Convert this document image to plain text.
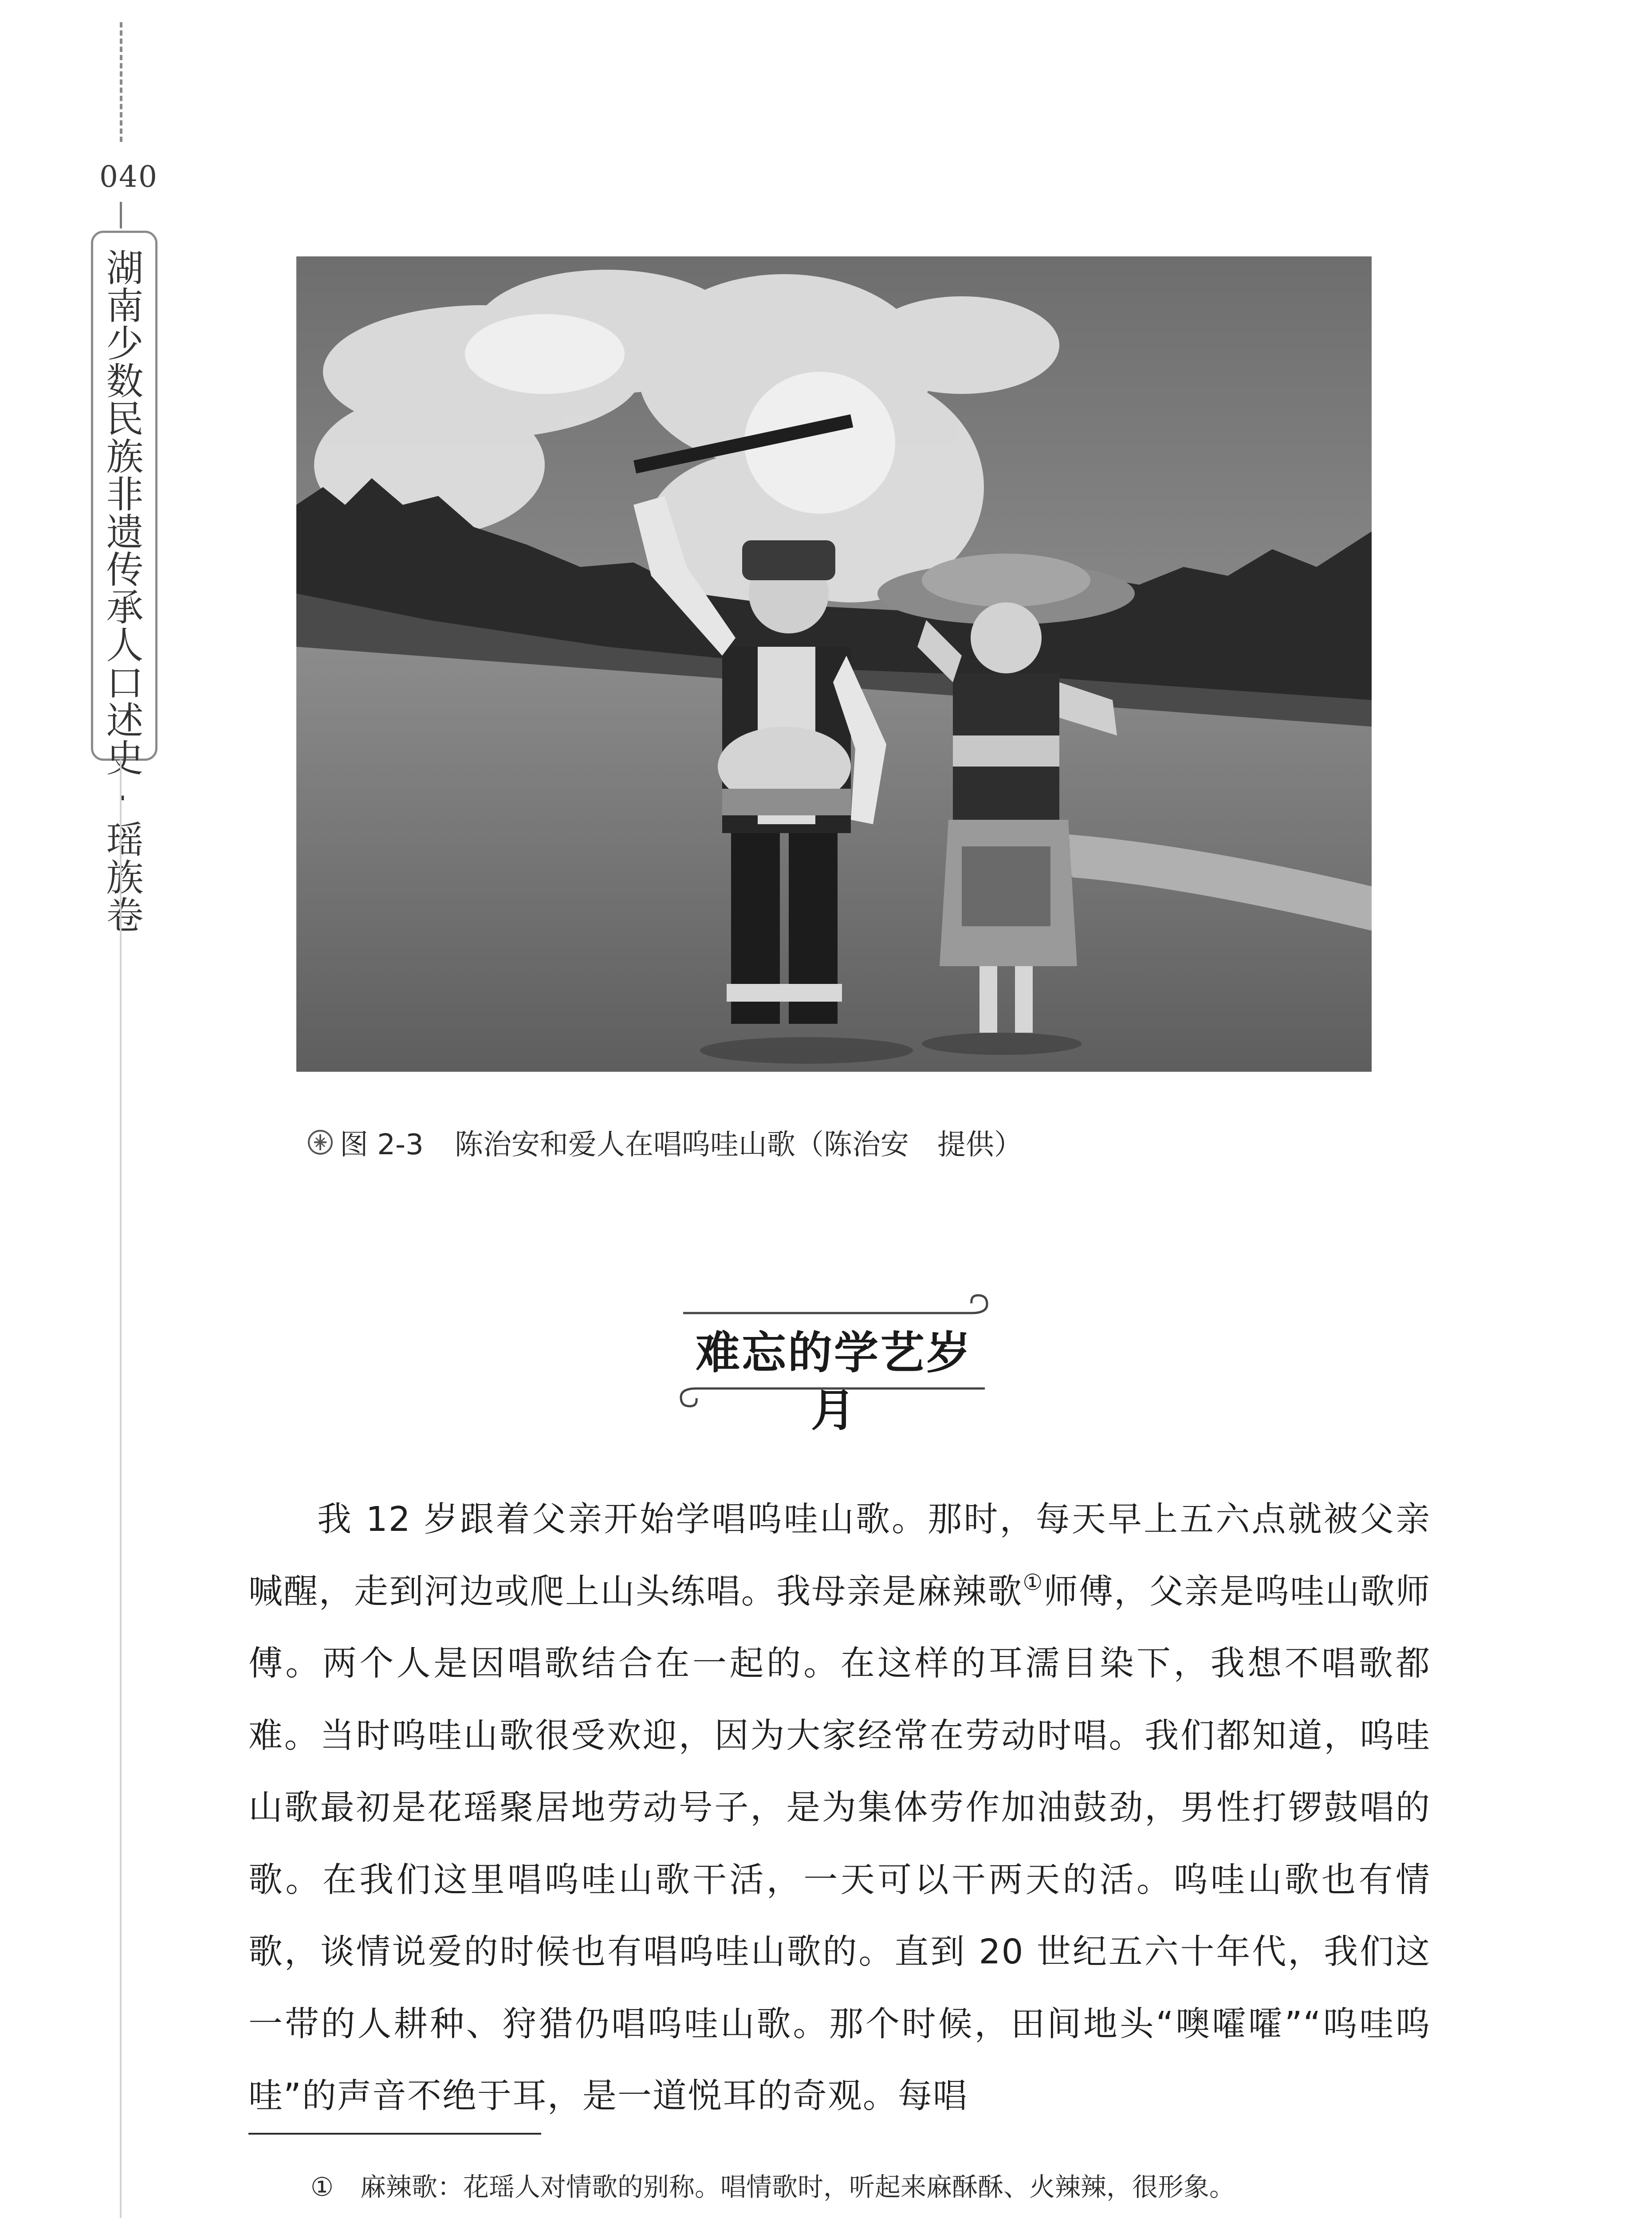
040
湖南少数民族非遗传承人口述史·瑶族卷
图 2-3 陈治安和爱人在唱呜哇山歌（陈治安　提供）
难忘的学艺岁月

我 12 岁跟着父亲开始学唱呜哇山歌。那时，每天早上五六点就被父亲喊醒，走到河边或爬上山头练唱。我母亲是麻辣歌①师傅，父亲是呜哇山歌师傅。两个人是因唱歌结合在一起的。在这样的耳濡目染下，我想不唱歌都难。当时呜哇山歌很受欢迎，因为大家经常在劳动时唱。我们都知道，呜哇山歌最初是花瑶聚居地劳动号子，是为集体劳作加油鼓劲，男性打锣鼓唱的歌。在我们这里唱呜哇山歌干活，一天可以干两天的活。呜哇山歌也有情歌，谈情说爱的时候也有唱呜哇山歌的。直到 20 世纪五六十年代，我们这一带的人耕种、狩猎仍唱呜哇山歌。那个时候，田间地头“噢嚯嚯”“呜哇呜哇”的声音不绝于耳，是一道悦耳的奇观。每唱

① 麻辣歌：花瑶人对情歌的别称。唱情歌时，听起来麻酥酥、火辣辣，很形象。
